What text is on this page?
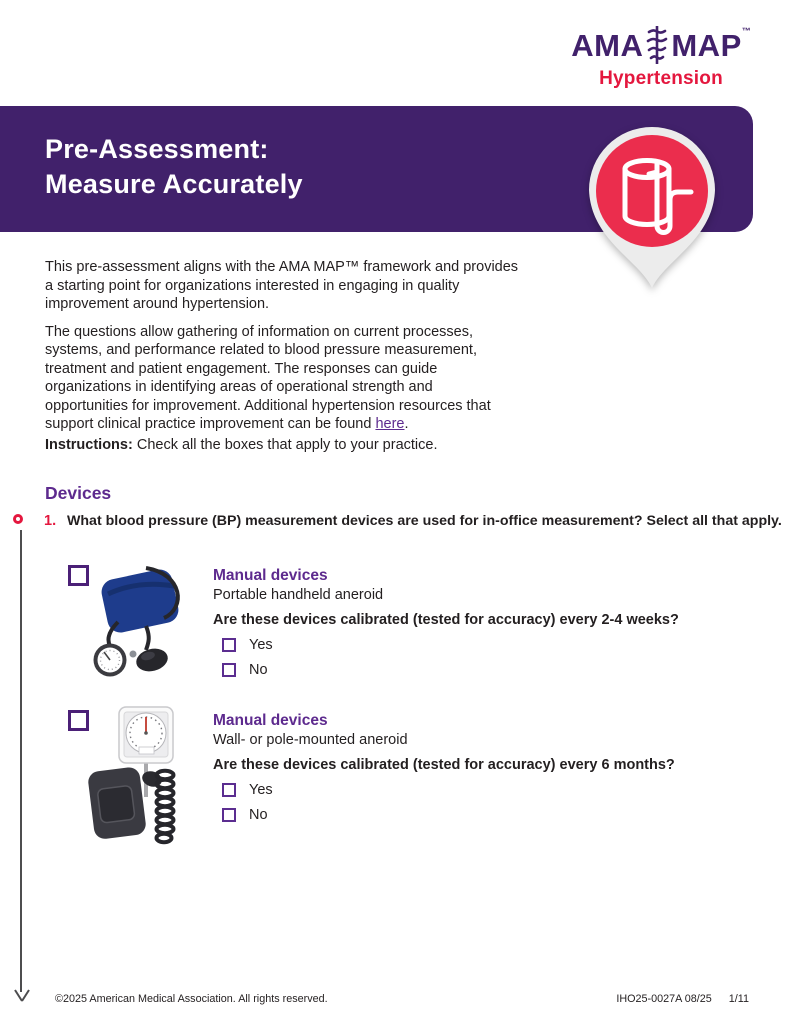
AMA MAP ™
Hypertension
Pre-Assessment:
Measure Accurately

This pre-assessment aligns with the AMA MAP™ framework and provides a starting point for organizations interested in engaging in quality improvement around hypertension.

The questions allow gathering of information on current processes, systems, and performance related to blood pressure measurement, treatment and patient engagement. The responses can guide organizations in identifying areas of operational strength and opportunities for improvement. Additional hypertension resources that support clinical practice improvement can be found here.

Instructions: Check all the boxes that apply to your practice.
Devices
1. What blood pressure (BP) measurement devices are used for in-office measurement? Select all that apply.
Manual devices

Portable handheld aneroid

Are these devices calibrated (tested for accuracy) every 2-4 weeks?

Yes
No
Manual devices

Wall- or pole-mounted aneroid

Are these devices calibrated (tested for accuracy) every 6 months?

Yes
No
©2025 American Medical Association. All rights reserved.	IHO25-0027A 08/25 1/11
